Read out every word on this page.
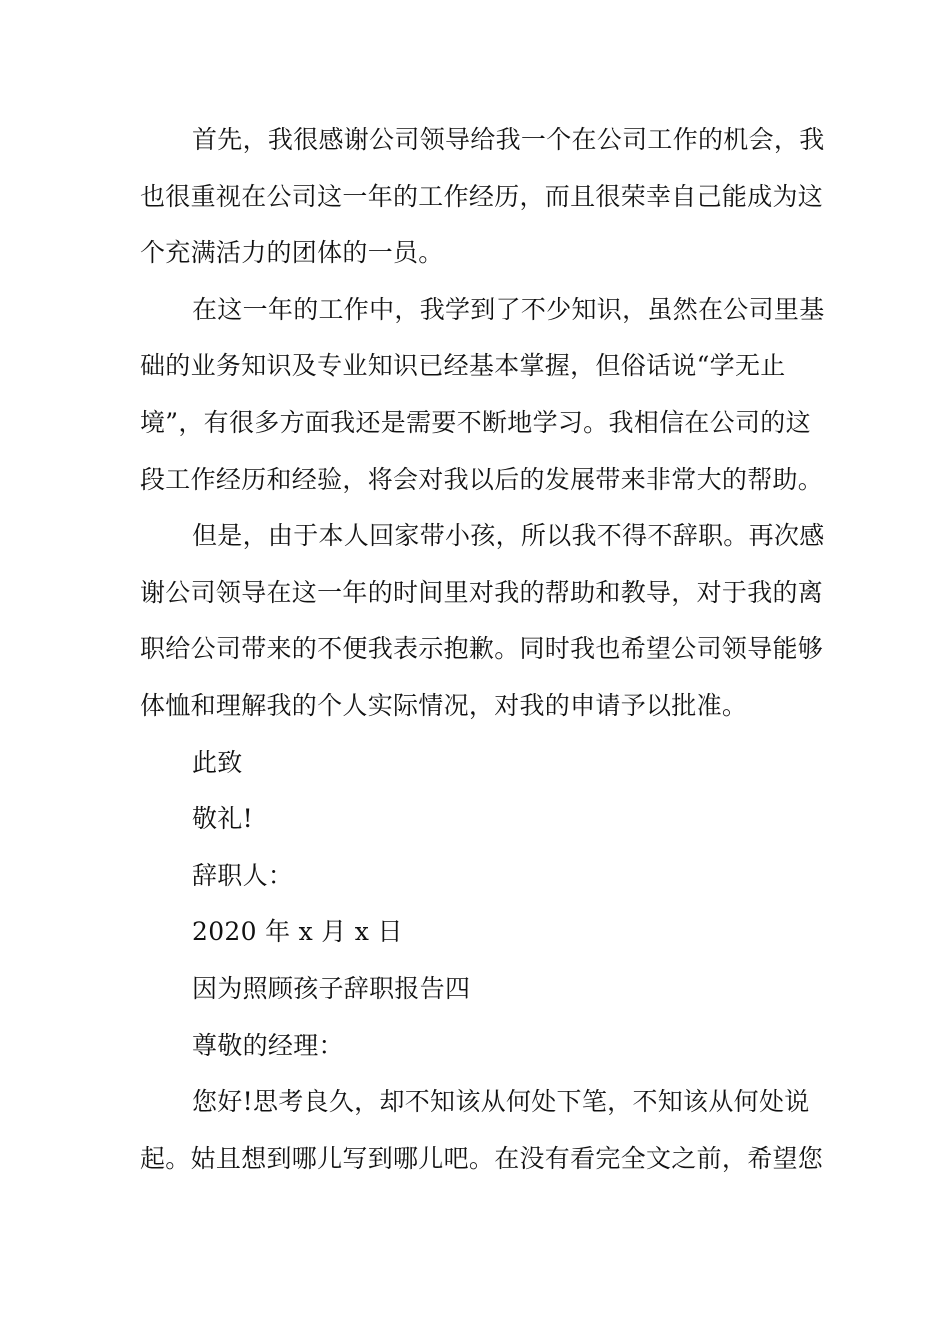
首先，我很感谢公司领导给我一个在公司工作的机会，我
也很重视在公司这一年的工作经历，而且很荣幸自己能成为这
个充满活力的团体的一员。
在这一年的工作中，我学到了不少知识，虽然在公司里基
础的业务知识及专业知识已经基本掌握，但俗话说“学无止
境”，有很多方面我还是需要不断地学习。我相信在公司的这
段工作经历和经验，将会对我以后的发展带来非常大的帮助。
但是，由于本人回家带小孩，所以我不得不辞职。再次感
谢公司领导在这一年的时间里对我的帮助和教导，对于我的离
职给公司带来的不便我表示抱歉。同时我也希望公司领导能够
体恤和理解我的个人实际情况，对我的申请予以批准。
此致
敬礼!
辞职人：
2020 年 x 月 x 日
因为照顾孩子辞职报告四
尊敬的经理：
您好!思考良久，却不知该从何处下笔，不知该从何处说
起。姑且想到哪儿写到哪儿吧。在没有看完全文之前，希望您
